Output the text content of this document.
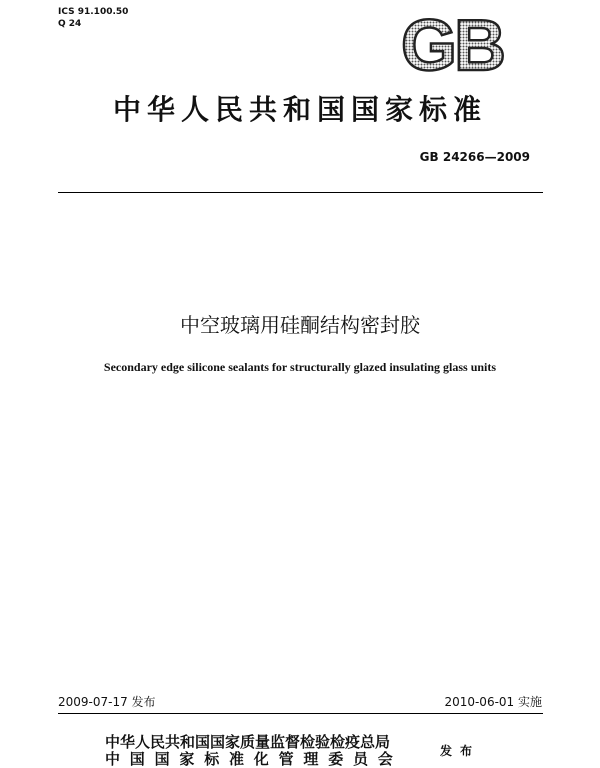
ICS 91.100.50
Q 24	GB
中华人民共和国国家标准
GB 24266—2009
中空玻璃用硅酮结构密封胶
Secondary edge silicone sealants for structurally glazed insulating glass units
2009-07-17 发布	2010-06-01 实施
中华人民共和国国家质量监督检验检疫总局
中国国家标准化管理委员会	发布
